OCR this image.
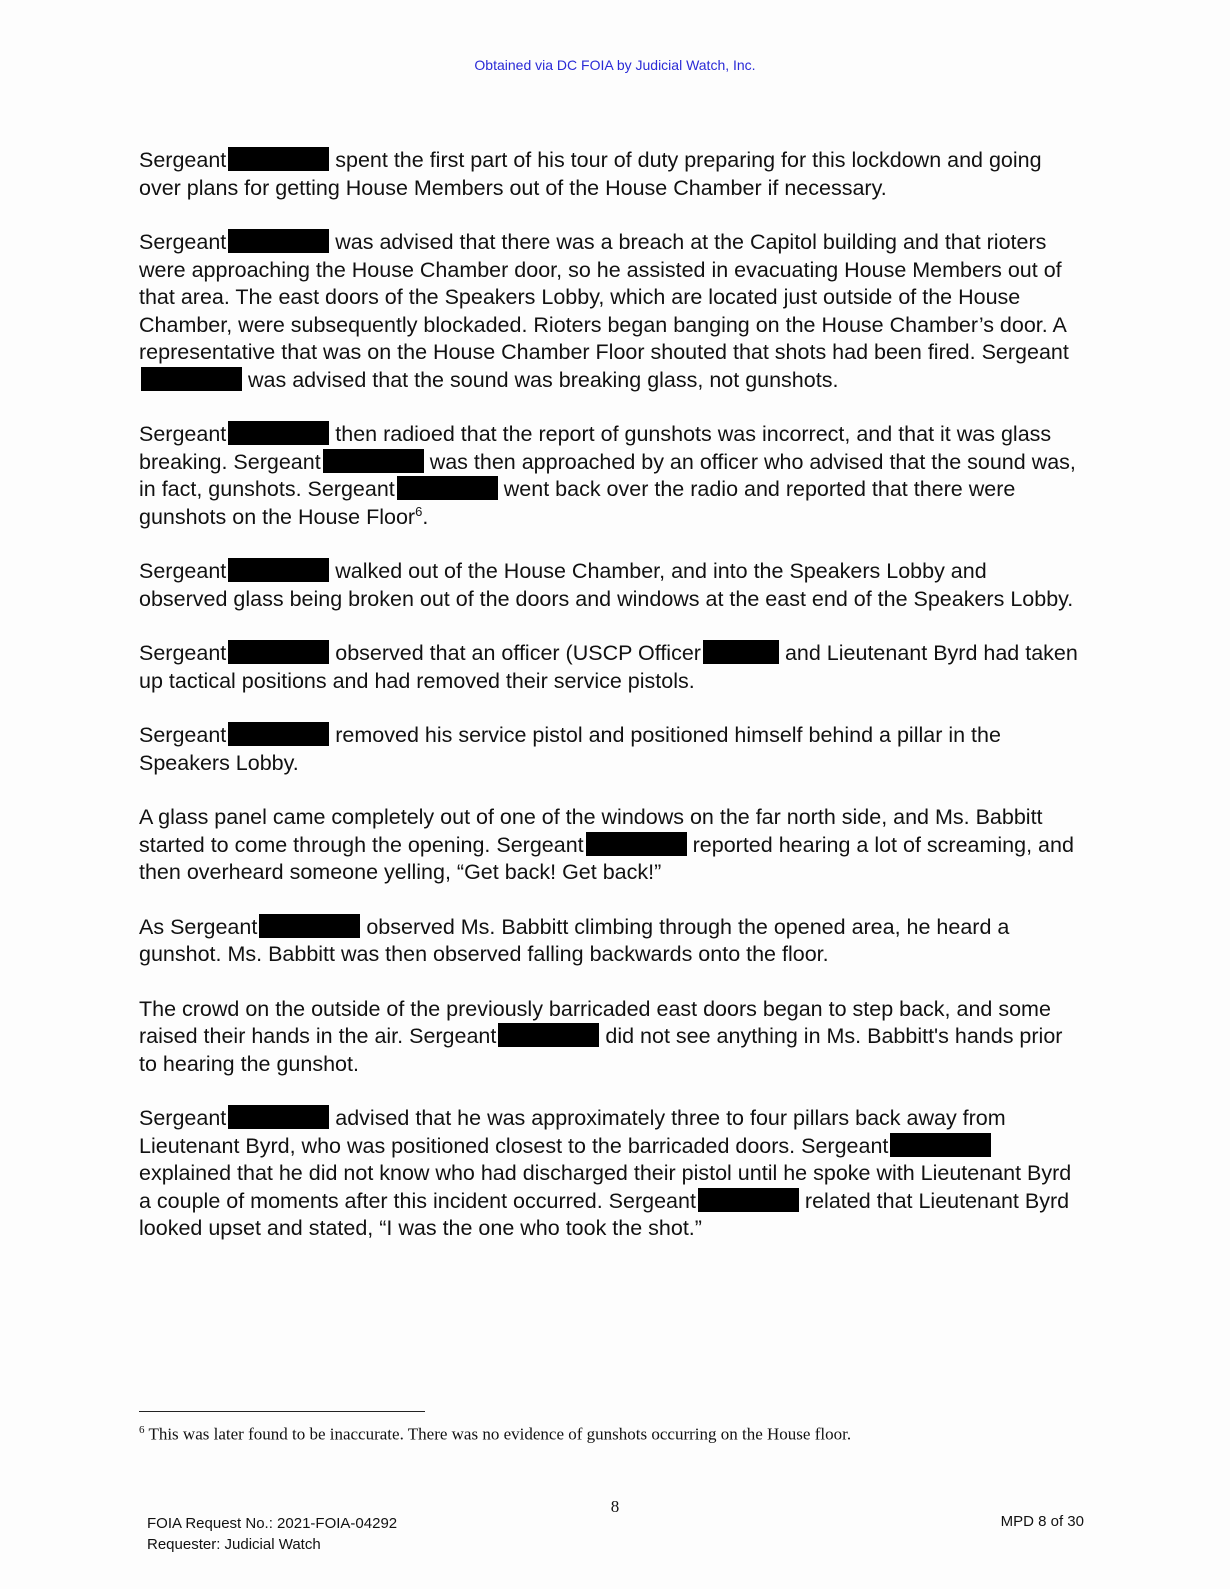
Obtained via DC FOIA by Judicial Watch, Inc.

Sergeant	spent the first part of his tour of duty preparing for this lockdown and going over plans for getting House Members out of the House Chamber if necessary.

Sergeant	was advised that there was a breach at the Capitol building and that rioters were approaching the House Chamber door, so he assisted in evacuating House Members out of that area. The east doors of the Speakers Lobby, which are located just outside of the House Chamber, were subsequently blockaded. Rioters began banging on the House Chamber’s door. A representative that was on the House Chamber Floor shouted that shots had been fired. Sergeantwas advised that the sound was breaking glass, not gunshots.

Sergeant	then radioed that the report of gunshots was incorrect, and that it was glass breaking. Sergeant	was then approached by an officer who advised that the sound was, in fact, gunshots. Sergeant	went back over the radio and reported that there were gunshots on the House Floor$^6$.

Sergeant	walked out of the House Chamber, and into the Speakers Lobby and observed glass being broken out of the doors and windows at the east end of the Speakers Lobby.

Sergeant	observed that an officer (USCP Officer	and Lieutenant Byrd had taken up tactical positions and had removed their service pistols.

Sergeant	removed his service pistol and positioned himself behind a pillar in the Speakers Lobby.

A glass panel came completely out of one of the windows on the far north side, and Ms. Babbitt started to come through the opening. Sergeant	reported hearing a lot of screaming, and then overheard someone yelling, “Get back! Get back!”

As Sergeant	observed Ms. Babbitt climbing through the opened area, he heard a gunshot. Ms. Babbitt was then observed falling backwards onto the floor.

The crowd on the outside of the previously barricaded east doors began to step back, and some raised their hands in the air. Sergeant	did not see anything in Ms. Babbitt's hands prior to hearing the gunshot.

Sergeant	advised that he was approximately three to four pillars back away from Lieutenant Byrd, who was positioned closest to the barricaded doors. Sergeantexplained that he did not know who had discharged their pistol until he spoke with Lieutenant Byrd a couple of moments after this incident occurred. Sergeant	related that Lieutenant Byrd looked upset and stated, “I was the one who took the shot.”

$^6$ This was later found to be inaccurate. There was no evidence of gunshots occurring on the House floor.
8
FOIA Request No.: 2021-FOIA-04292
Requester: Judicial Watch
MPD 8 of 30
